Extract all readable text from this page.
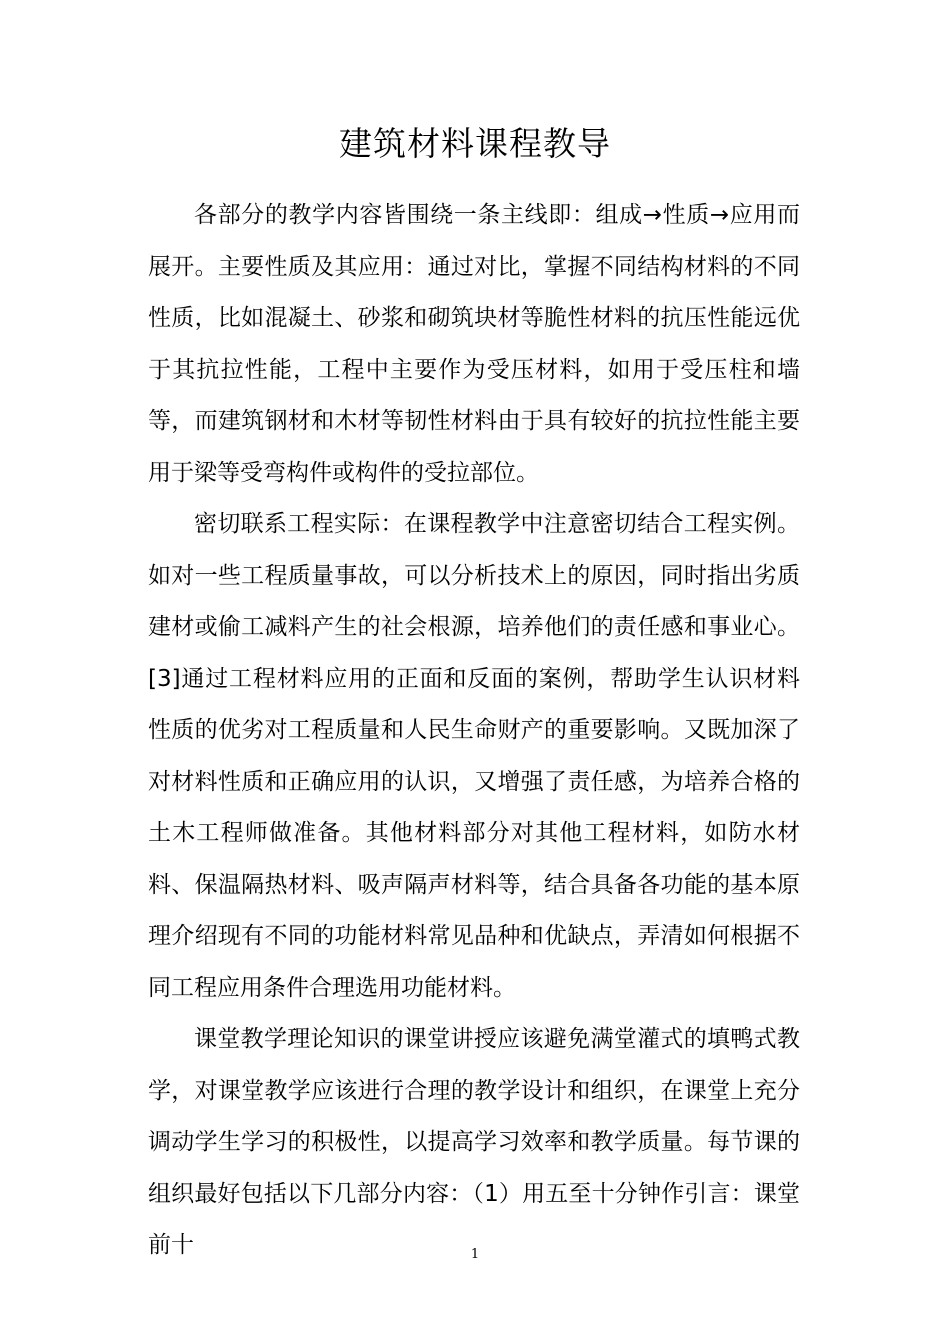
建筑材料课程教导

各部分的教学内容皆围绕一条主线即：组成→性质→应用而展开。主要性质及其应用：通过对比，掌握不同结构材料的不同性质，比如混凝土、砂浆和砌筑块材等脆性材料的抗压性能远优于其抗拉性能，工程中主要作为受压材料，如用于受压柱和墙等，而建筑钢材和木材等韧性材料由于具有较好的抗拉性能主要用于梁等受弯构件或构件的受拉部位。

密切联系工程实际：在课程教学中注意密切结合工程实例。如对一些工程质量事故，可以分析技术上的原因，同时指出劣质建材或偷工减料产生的社会根源，培养他们的责任感和事业心。[3]通过工程材料应用的正面和反面的案例，帮助学生认识材料性质的优劣对工程质量和人民生命财产的重要影响。又既加深了对材料性质和正确应用的认识，又增强了责任感，为培养合格的土木工程师做准备。其他材料部分对其他工程材料，如防水材料、保温隔热材料、吸声隔声材料等，结合具备各功能的基本原理介绍现有不同的功能材料常见品种和优缺点，弄清如何根据不同工程应用条件合理选用功能材料。

课堂教学理论知识的课堂讲授应该避免满堂灌式的填鸭式教学，对课堂教学应该进行合理的教学设计和组织，在课堂上充分调动学生学习的积极性，以提高学习效率和教学质量。每节课的组织最好包括以下几部分内容：（1）用五至十分钟作引言：课堂前十	1
